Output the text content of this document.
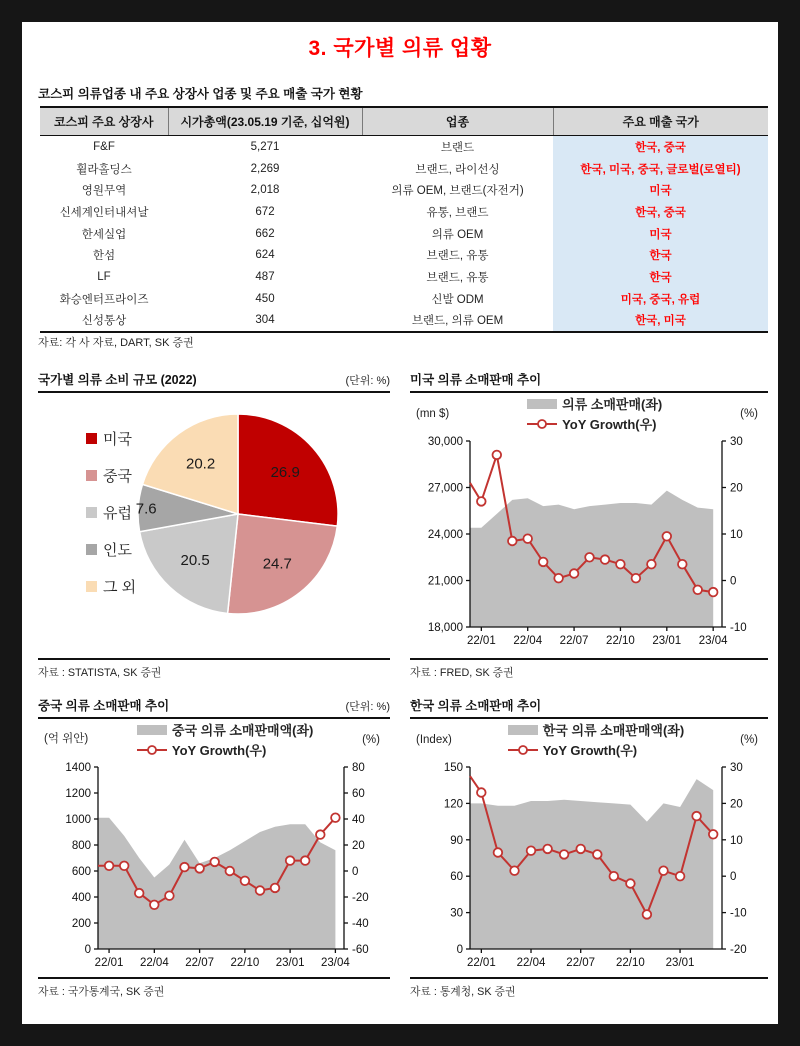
3. 국가별 의류 업황
코스피 의류업종 내 주요 상장사 업종 및 주요 매출 국가 현황
코스피 주요 상장사	시가총액(23.05.19 기준, 십억원)	업종	주요 매출 국가
F&F	5,271	브랜드	한국, 중국
휠라홀딩스	2,269	브랜드, 라이선싱	한국, 미국, 중국, 글로벌(로열티)
영원무역	2,018	의류 OEM, 브랜드(자전거)	미국
신세계인터내셔날	672	유통, 브랜드	한국, 중국
한세실업	662	의류 OEM	미국
한섬	624	브랜드, 유통	한국
LF	487	브랜드, 유통	한국
화승엔터프라이즈	450	신발 ODM	미국, 중국, 유럽
신성통상	304	브랜드, 의류 OEM	한국, 미국
자료: 각 사 자료, DART, SK 증권
국가별 의류 소비 규모 (2022)	(단위: %)
미국
중국
유럽
인도
그 외
26.9
24.7
20.5
7.6
20.2
자료 : STATISTA, SK 증권
미국 의류 소매판매 추이
(mn $)
의류 소매판매(좌)
YoY Growth(우)
(%)
18,000
21,000
24,000
27,000
30,000
-10
0
10
20
30
22/01 22/04 22/07 22/10 23/01 23/04
자료 : FRED, SK 증권
중국 의류 소매판매 추이	(단위: %)
(억 위안)
중국 의류 소매판매액(좌)
YoY Growth(우)
(%)
0
200
400
600
800
1000
1200
1400
-60
-40
-20
0
20
40
60
80
22/01 22/04 22/07 22/10 23/01 23/04
자료 : 국가통계국, SK 증권
한국 의류 소매판매 추이
(Index)
한국 의류 소매판매액(좌)
YoY Growth(우)
(%)
0
30
60
90
120
150
-20
-10
0
10
20
30
22/01 22/04 22/07 22/10 23/01
자료 : 통계청, SK 증권
